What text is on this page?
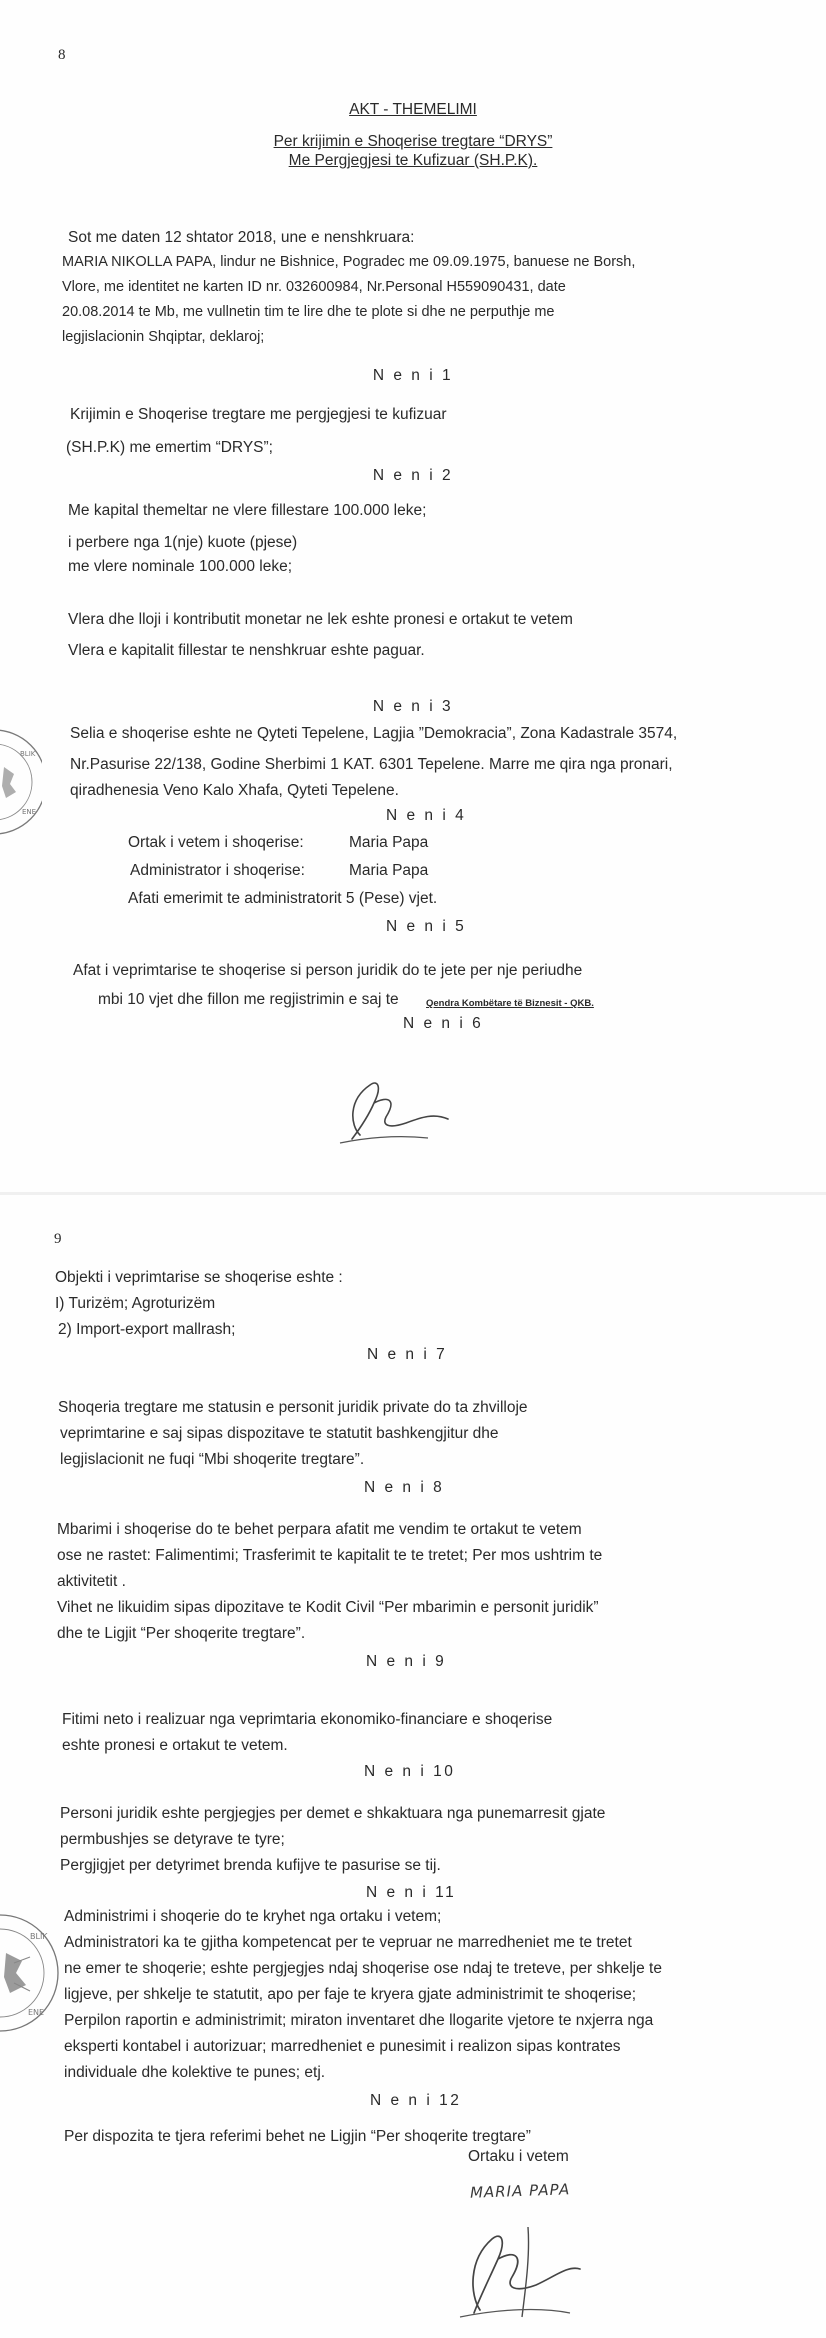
8
AKT - THEMELIMI
Per krijimin e Shoqerise tregtare “DRYS”
Me Pergjegjesi te Kufizuar (SH.P.K).
Sot me daten 12 shtator 2018, une e nenshkruara:
MARIA NIKOLLA PAPA, lindur ne Bishnice, Pogradec me 09.09.1975, banuese ne Borsh,
Vlore, me identitet ne karten ID nr. 032600984, Nr.Personal H559090431, date
20.08.2014 te Mb, me vullnetin tim te lire dhe te plote si dhe ne perputhje me
legjislacionin Shqiptar, deklaroj;
N e n i 1
Krijimin e Shoqerise tregtare me pergjegjesi te kufizuar
(SH.P.K) me emertim “DRYS”;
N e n i 2
Me kapital themeltar ne vlere fillestare 100.000 leke;
i perbere nga 1(nje) kuote (pjese)
me vlere nominale 100.000 leke;
Vlera dhe lloji i kontributit monetar ne lek eshte pronesi e ortakut te vetem
Vlera e kapitalit fillestar te nenshkruar eshte paguar.
N e n i 3
Selia e shoqerise eshte ne Qyteti Tepelene, Lagjia ”Demokracia”, Zona Kadastrale 3574,
Nr.Pasurise 22/138, Godine Sherbimi 1 KAT. 6301 Tepelene. Marre me qira nga pronari,
qiradhenesia Veno Kalo Xhafa, Qyteti Tepelene.
N e n i 4
Ortak i vetem i shoqerise:	Maria Papa
Administrator i shoqerise:	Maria Papa
Afati emerimit te administratorit 5 (Pese) vjet.
N e n i 5
Afat i veprimtarise te shoqerise si person juridik do te jete per nje periudhe
mbi 10 vjet dhe fillon me regjistrimin e saj te	Qendra Kombëtare të Biznesit - QKB.
N e n i 6
BLIK
ENE
9
Objekti i veprimtarise se shoqerise eshte :
I) Turizëm; Agroturizëm
2) Import-export mallrash;
N e n i 7
Shoqeria tregtare me statusin e personit juridik private do ta zhvilloje
veprimtarine e saj sipas dispozitave te statutit bashkengjitur dhe
legjislacionit ne fuqi “Mbi shoqerite tregtare”.
N e n i 8
Mbarimi i shoqerise do te behet perpara afatit me vendim te ortakut te vetem
ose ne rastet: Falimentimi; Trasferimit te kapitalit te te tretet; Per mos ushtrim te
aktivitetit .
Vihet ne likuidim sipas dipozitave te Kodit Civil “Per mbarimin e personit juridik”
dhe te Ligjit “Per shoqerite tregtare”.
N e n i 9
Fitimi neto i realizuar nga veprimtaria ekonomiko-financiare e shoqerise
eshte pronesi e ortakut te vetem.
N e n i 10
Personi juridik eshte pergjegjes per demet e shkaktuara nga punemarresit gjate
permbushjes se detyrave te tyre;
Pergjigjet per detyrimet brenda kufijve te pasurise se tij.
N e n i 11
Administrimi i shoqerie do te kryhet nga ortaku i vetem;
Administratori ka te gjitha kompetencat per te vepruar ne marredheniet me te tretet
ne emer te shoqerie; eshte pergjegjes ndaj shoqerise ose ndaj te treteve, per shkelje te
ligjeve, per shkelje te statutit, apo per faje te kryera gjate administrimit te shoqerise;
Perpilon raportin e administrimit; miraton inventaret dhe llogarite vjetore te nxjerra nga
eksperti kontabel i autorizuar; marredheniet e punesimit i realizon sipas kontrates
individuale dhe kolektive te punes; etj.
N e n i 12
Per dispozita te tjera referimi behet ne Ligjin “Per shoqerite tregtare”
Ortaku i vetem
MARIA PAPA
BLIK
ENE
